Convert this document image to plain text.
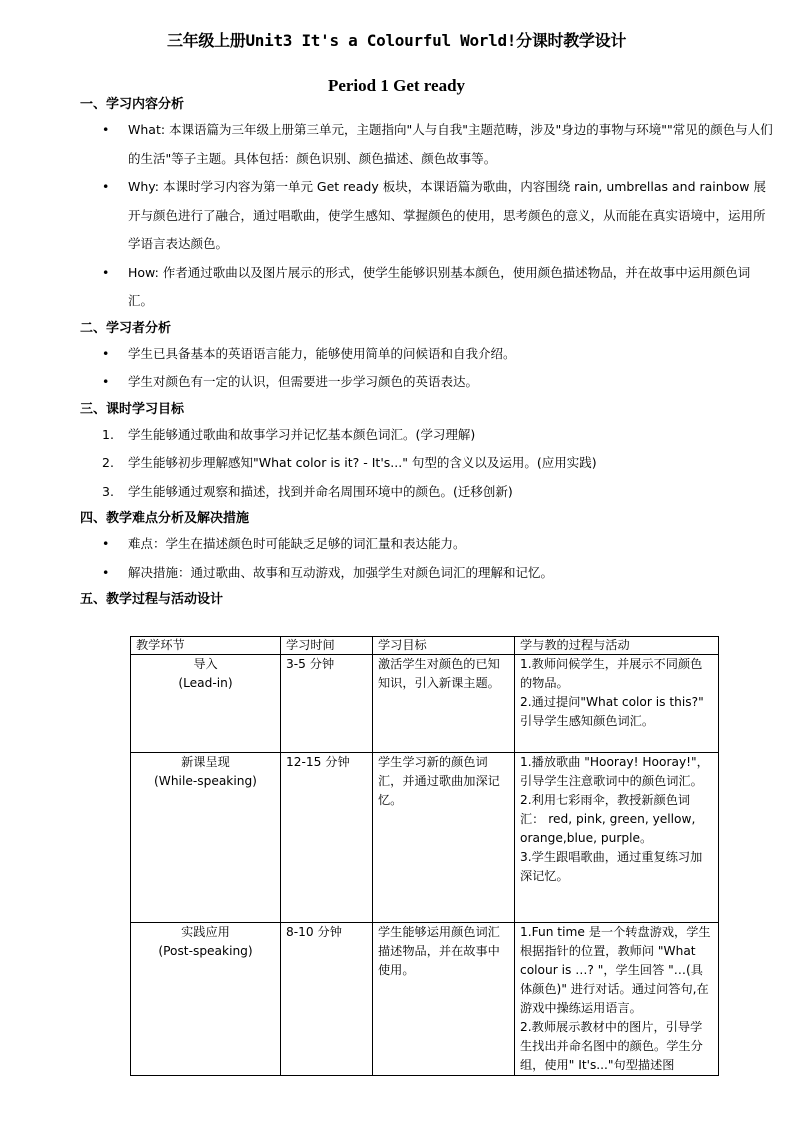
三年级上册Unit3 It's a Colourful World!分课时教学设计
Period 1 Get ready

一、学习内容分析

• What: 本课语篇为三年级上册第三单元，主题指向"人与自我"主题范畴，涉及"身边的事物与环境""常见的颜色与人们的生活"等子主题。具体包括：颜色识别、颜色描述、颜色故事等。
• Why: 本课时学习内容为第一单元 Get ready 板块，本课语篇为歌曲，内容围绕 rain, umbrellas and rainbow 展开与颜色进行了融合，通过唱歌曲，使学生感知、掌握颜色的使用，思考颜色的意义，从而能在真实语境中，运用所学语言表达颜色。
• How: 作者通过歌曲以及图片展示的形式，使学生能够识别基本颜色，使用颜色描述物品，并在故事中运用颜色词汇。

二、学习者分析

• 学生已具备基本的英语语言能力，能够使用简单的问候语和自我介绍。
• 学生对颜色有一定的认识，但需要进一步学习颜色的英语表达。

三、课时学习目标

1. 学生能够通过歌曲和故事学习并记忆基本颜色词汇。(学习理解)
2. 学生能够初步理解感知"What color is it? - It's..." 句型的含义以及运用。(应用实践)
3. 学生能够通过观察和描述，找到并命名周围环境中的颜色。(迁移创新)

四、教学难点分析及解决措施

• 难点：学生在描述颜色时可能缺乏足够的词汇量和表达能力。
• 解决措施：通过歌曲、故事和互动游戏，加强学生对颜色词汇的理解和记忆。

五、教学过程与活动设计

教学环节	学习时间	学习目标	学与教的过程与活动

导入
(Lead-in)	3-5 分钟	激活学生对颜色的已知知识，引入新课主题。	1.教师问候学生，并展示不同颜色的物品。
2.通过提问"What color is this?" 引导学生感知颜色词汇。

新课呈现
(While-speaking)	12-15 分钟	学生学习新的颜色词汇，并通过歌曲加深记忆。	1.播放歌曲 "Hooray! Hooray!"，引导学生注意歌词中的颜色词汇。
2.利用七彩雨伞，教授新颜色词汇： red, pink, green, yellow, orange,blue, purple。
3.学生跟唱歌曲，通过重复练习加深记忆。

实践应用
(Post-speaking)	8-10 分钟	学生能够运用颜色词汇描述物品，并在故事中使用。	1.Fun time 是一个转盘游戏，学生根据指针的位置，教师问 "What colour is …? "，学生回答 "…(具体颜色)" 进行对话。通过问答句,在游戏中操练运用语言。
2.教师展示教材中的图片，引导学生找出并命名图中的颜色。学生分组，使用" It's..."句型描述图
